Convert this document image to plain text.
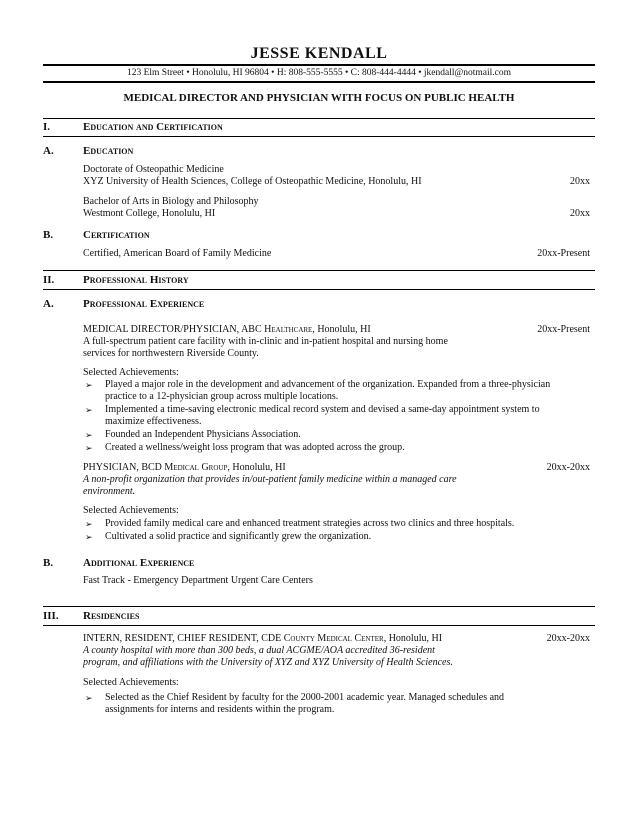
JESSE KENDALL
123 Elm Street • Honolulu, HI 96804 • H: 808-555-5555 • C: 808-444-4444 • jkendall@notmail.com
MEDICAL DIRECTOR AND PHYSICIAN WITH FOCUS ON PUBLIC HEALTH
I.	Education and Certification
A.	Education
Doctorate of Osteopathic Medicine
XYZ University of Health Sciences, College of Osteopathic Medicine, Honolulu, HI	20xx
Bachelor of Arts in Biology and Philosophy
Westmont College, Honolulu, HI	20xx
B.	Certification
Certified, American Board of Family Medicine	20xx-Present
II.	Professional History
A.	Professional Experience
MEDICAL DIRECTOR/PHYSICIAN, ABC Healthcare, Honolulu, HI	20xx-Present
A full-spectrum patient care facility with in-clinic and in-patient hospital and nursing home
services for northwestern Riverside County.
Selected Achievements:
➢ Played a major role in the development and advancement of the organization. Expanded from a three-physician
practice to a 12-physician group across multiple locations.
➢ Implemented a time-saving electronic medical record system and devised a same-day appointment system to
maximize effectiveness.
➢ Founded an Independent Physicians Association.
➢ Created a wellness/weight loss program that was adopted across the group.
PHYSICIAN, BCD Medical Group, Honolulu, HI	20xx-20xx
A non-profit organization that provides in/out-patient family medicine within a managed care
environment.
Selected Achievements:
➢ Provided family medical care and enhanced treatment strategies across two clinics and three hospitals.
➢ Cultivated a solid practice and significantly grew the organization.
B.	Additional Experience
Fast Track - Emergency Department Urgent Care Centers
III. Residencies
INTERN, RESIDENT, CHIEF RESIDENT, CDE County Medical Center, Honolulu, HI	20xx-20xx
A county hospital with more than 300 beds, a dual ACGME/AOA accredited 36-resident
program, and affiliations with the University of XYZ and XYZ University of Health Sciences.
Selected Achievements:
➢ Selected as the Chief Resident by faculty for the 2000-2001 academic year. Managed schedules and
assignments for interns and residents within the program.
